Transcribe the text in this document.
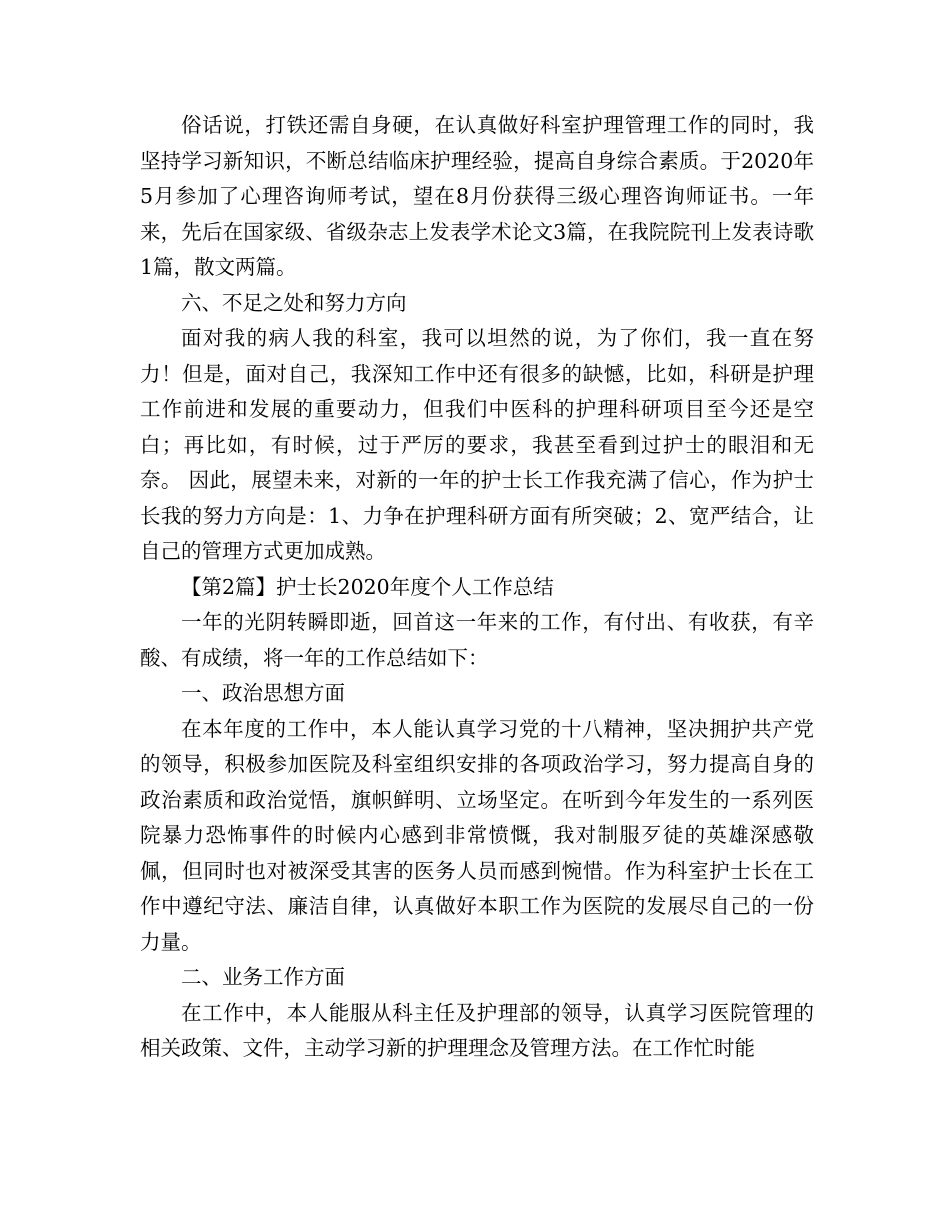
俗话说，打铁还需自身硬，在认真做好科室护理管理工作的同时，我坚持学习新知识，不断总结临床护理经验，提高自身综合素质。于2020年5月参加了心理咨询师考试，望在8月份获得三级心理咨询师证书。一年来，先后在国家级、省级杂志上发表学术论文3篇，在我院院刊上发表诗歌1篇，散文两篇。

六、不足之处和努力方向

面对我的病人我的科室，我可以坦然的说，为了你们，我一直在努力！但是，面对自己，我深知工作中还有很多的缺憾，比如，科研是护理工作前进和发展的重要动力，但我们中医科的护理科研项目至今还是空白；再比如，有时候，过于严厉的要求，我甚至看到过护士的眼泪和无奈。 因此，展望未来，对新的一年的护士长工作我充满了信心，作为护士长我的努力方向是：1、力争在护理科研方面有所突破；2、宽严结合，让自己的管理方式更加成熟。

【第2篇】护士长2020年度个人工作总结

一年的光阴转瞬即逝，回首这一年来的工作，有付出、有收获，有辛酸、有成绩，将一年的工作总结如下：

一、政治思想方面

在本年度的工作中，本人能认真学习党的十八精神，坚决拥护共产党的领导，积极参加医院及科室组织安排的各项政治学习，努力提高自身的政治素质和政治觉悟，旗帜鲜明、立场坚定。在听到今年发生的一系列医院暴力恐怖事件的时候内心感到非常愤慨，我对制服歹徒的英雄深感敬佩，但同时也对被深受其害的医务人员而感到惋惜。作为科室护士长在工作中遵纪守法、廉洁自律，认真做好本职工作为医院的发展尽自己的一份力量。

二、业务工作方面

在工作中，本人能服从科主任及护理部的领导，认真学习医院管理的相关政策、文件，主动学习新的护理理念及管理方法。在工作忙时能
